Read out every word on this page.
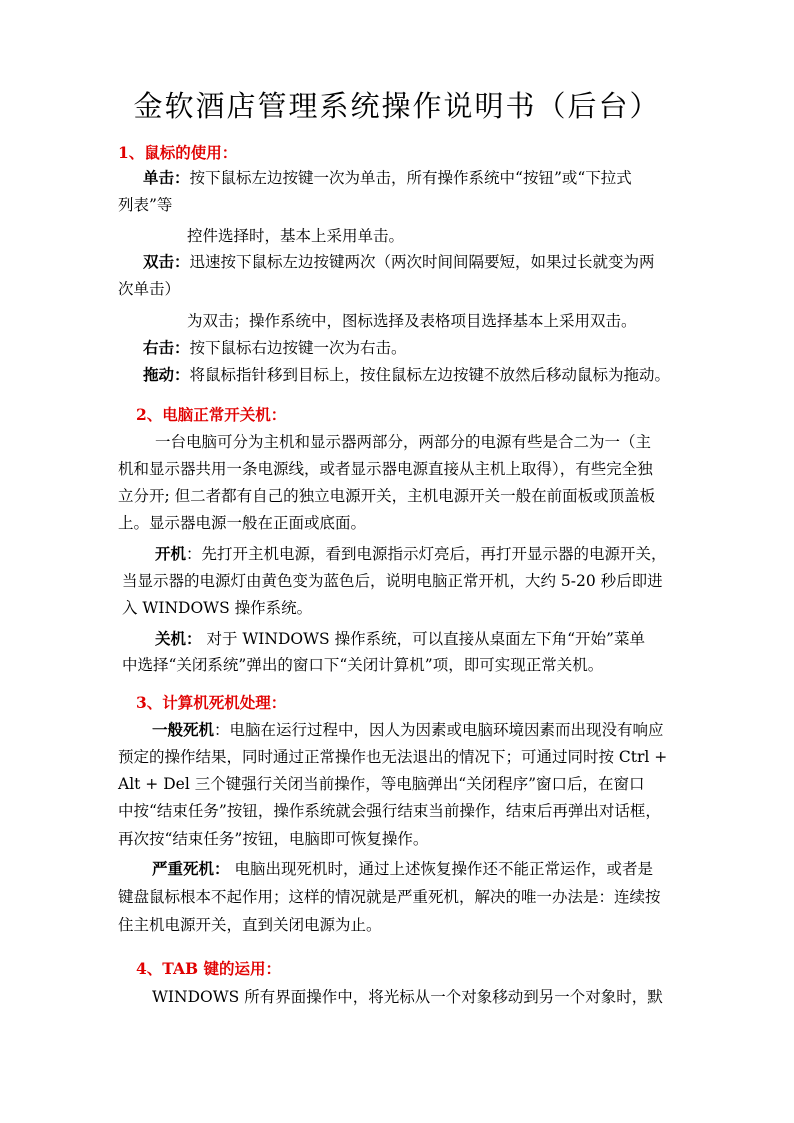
金软酒店管理系统操作说明书（后台）
1、鼠标的使用：
单击：按下鼠标左边按键一次为单击，所有操作系统中“按钮”或“下拉式
列表”等
控件选择时，基本上采用单击。
双击：迅速按下鼠标左边按键两次（两次时间间隔要短，如果过长就变为两
次单击）
为双击；操作系统中，图标选择及表格项目选择基本上采用双击。
右击：按下鼠标右边按键一次为右击。
拖动：将鼠标指针移到目标上，按住鼠标左边按键不放然后移动鼠标为拖动。
2、电脑正常开关机：
一台电脑可分为主机和显示器两部分，两部分的电源有些是合二为一（主
机和显示器共用一条电源线，或者显示器电源直接从主机上取得），有些完全独
立分开; 但二者都有自己的独立电源开关，主机电源开关一般在前面板或顶盖板
上。显示器电源一般在正面或底面。
开机：先打开主机电源，看到电源指示灯亮后，再打开显示器的电源开关，
当显示器的电源灯由黄色变为蓝色后，说明电脑正常开机，大约 5-20 秒后即进
入 WINDOWS 操作系统。
关机： 对于 WINDOWS 操作系统，可以直接从桌面左下角“开始”菜单
中选择“关闭系统”弹出的窗口下“关闭计算机”项，即可实现正常关机。
3、计算机死机处理：
一般死机：电脑在运行过程中，因人为因素或电脑环境因素而出现没有响应
预定的操作结果，同时通过正常操作也无法退出的情况下；可通过同时按 Ctrl +
Alt + Del 三个键强行关闭当前操作，等电脑弹出“关闭程序”窗口后，在窗口
中按“结束任务”按钮，操作系统就会强行结束当前操作，结束后再弹出对话框，
再次按“结束任务”按钮，电脑即可恢复操作。
严重死机： 电脑出现死机时，通过上述恢复操作还不能正常运作，或者是
键盘鼠标根本不起作用；这样的情况就是严重死机，解决的唯一办法是：连续按
住主机电源开关，直到关闭电源为止。
4、TAB 键的运用：
WINDOWS 所有界面操作中，将光标从一个对象移动到另一个对象时，默
